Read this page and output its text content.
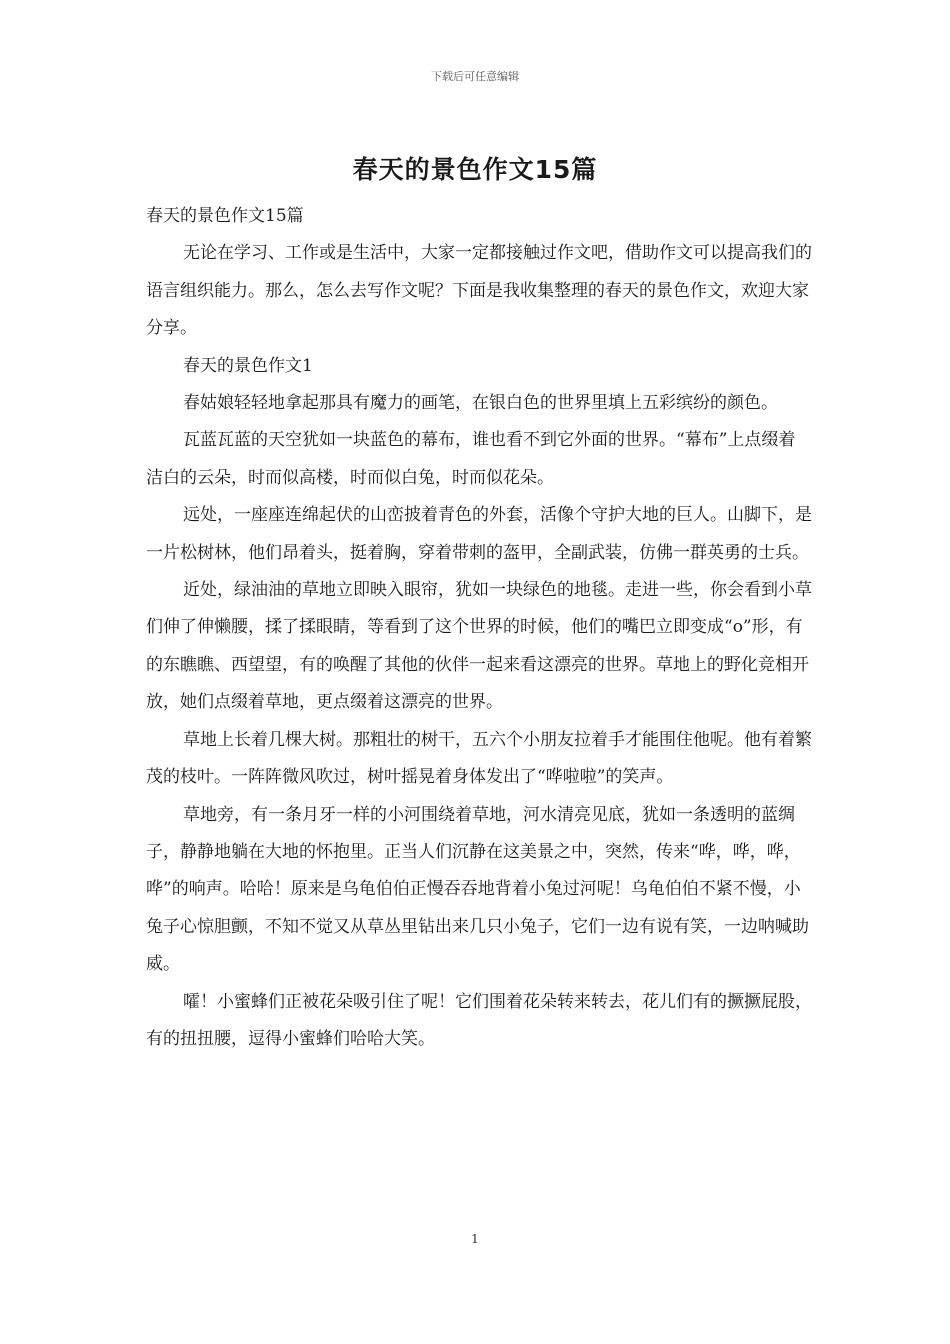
下载后可任意编辑
春天的景色作文15篇

春天的景色作文15篇

无论在学习、工作或是生活中，大家一定都接触过作文吧，借助作文可以提高我们的语言组织能力。那么，怎么去写作文呢？下面是我收集整理的春天的景色作文，欢迎大家分享。

春天的景色作文1

春姑娘轻轻地拿起那具有魔力的画笔，在银白色的世界里填上五彩缤纷的颜色。

瓦蓝瓦蓝的天空犹如一块蓝色的幕布，谁也看不到它外面的世界。“幕布”上点缀着洁白的云朵，时而似高楼，时而似白兔，时而似花朵。

远处，一座座连绵起伏的山峦披着青色的外套，活像个守护大地的巨人。山脚下，是一片松树林，他们昂着头，挺着胸，穿着带刺的盔甲，全副武装，仿佛一群英勇的士兵。

近处，绿油油的草地立即映入眼帘，犹如一块绿色的地毯。走进一些，你会看到小草们伸了伸懒腰，揉了揉眼睛，等看到了这个世界的时候，他们的嘴巴立即变成“o”形，有的东瞧瞧、西望望，有的唤醒了其他的伙伴一起来看这漂亮的世界。草地上的野化竞相开放，她们点缀着草地，更点缀着这漂亮的世界。

草地上长着几棵大树。那粗壮的树干，五六个小朋友拉着手才能围住他呢。他有着繁茂的枝叶。一阵阵微风吹过，树叶摇晃着身体发出了“哗啦啦”的笑声。

草地旁，有一条月牙一样的小河围绕着草地，河水清亮见底，犹如一条透明的蓝绸子，静静地躺在大地的怀抱里。正当人们沉静在这美景之中，突然，传来“哗，哗，哗，哗”的响声。哈哈！原来是乌龟伯伯正慢吞吞地背着小兔过河呢！乌龟伯伯不紧不慢，小兔子心惊胆颤，不知不觉又从草丛里钻出来几只小兔子，它们一边有说有笑，一边呐喊助威。

嚯！小蜜蜂们正被花朵吸引住了呢！它们围着花朵转来转去，花儿们有的撅撅屁股，有的扭扭腰，逗得小蜜蜂们哈哈大笑。

1
